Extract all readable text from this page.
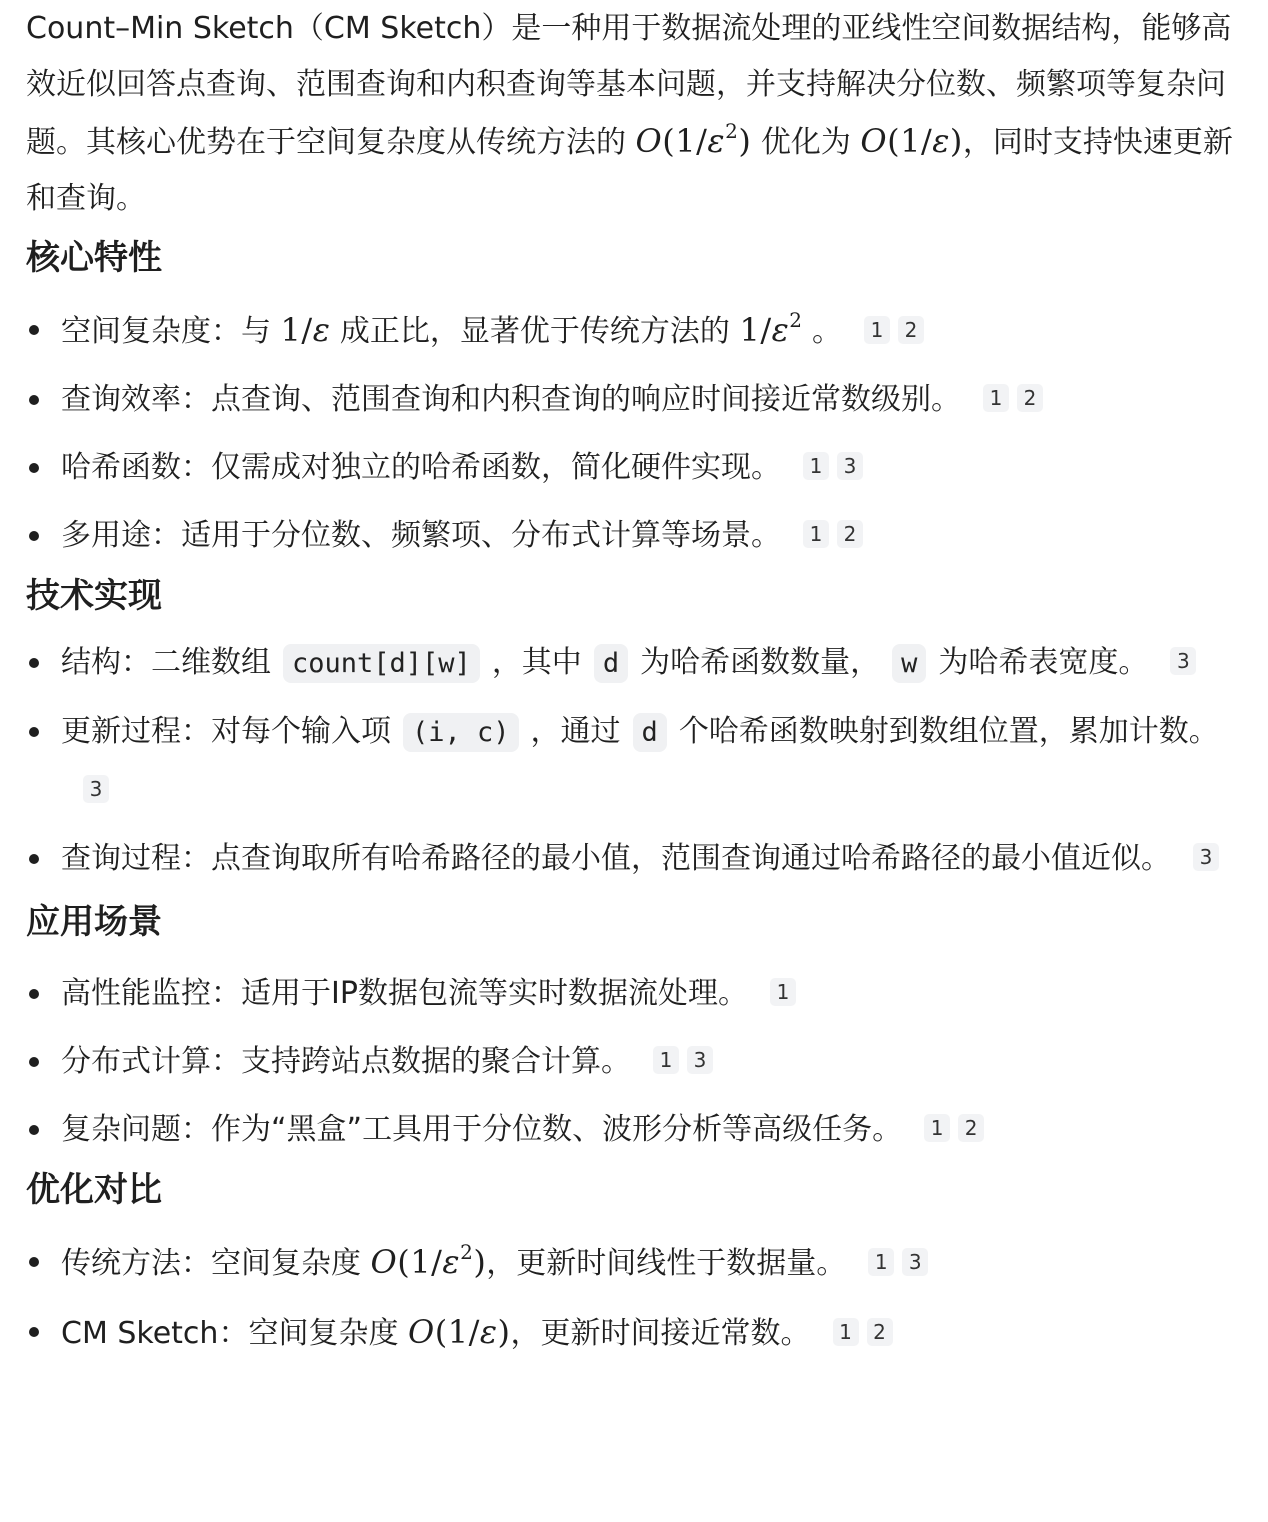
Count–Min Sketch（CM Sketch）是一种用于数据流处理的亚线性空间数据结构，能够高效近似回答点查询、范围查询和内积查询等基本问题，并支持解决分位数、频繁项等复杂问题。其核心优势在于空间复杂度从传统方法的 $O(1/\varepsilon^2)$ 优化为 O(1/ε)，同时支持快速更新和查询。

核心特性
空间复杂度：与 1/ε 成正比，显著优于传统方法的 $1/\varepsilon^2$ 。 1 2
查询效率：点查询、范围查询和内积查询的响应时间接近常数级别。 1 2
哈希函数：仅需成对独立的哈希函数，简化硬件实现。 1 3
多用途：适用于分位数、频繁项、分布式计算等场景。 1 2
技术实现
结构：二维数组 count[d][w] ，其中 d 为哈希函数数量， w 为哈希表宽度。 3
更新过程：对每个输入项 (i, c) ，通过 d 个哈希函数映射到数组位置，累加计数。3
查询过程：点查询取所有哈希路径的最小值，范围查询通过哈希路径的最小值近似。 3
应用场景
高性能监控：适用于IP数据包流等实时数据流处理。 1
分布式计算：支持跨站点数据的聚合计算。 1 3
复杂问题：作为“黑盒”工具用于分位数、波形分析等高级任务。 1 2
优化对比
传统方法：空间复杂度 $O(1/\varepsilon^2)$，更新时间线性于数据量。 1 3
CM Sketch：空间复杂度 O(1/ε)，更新时间接近常数。 1 2
